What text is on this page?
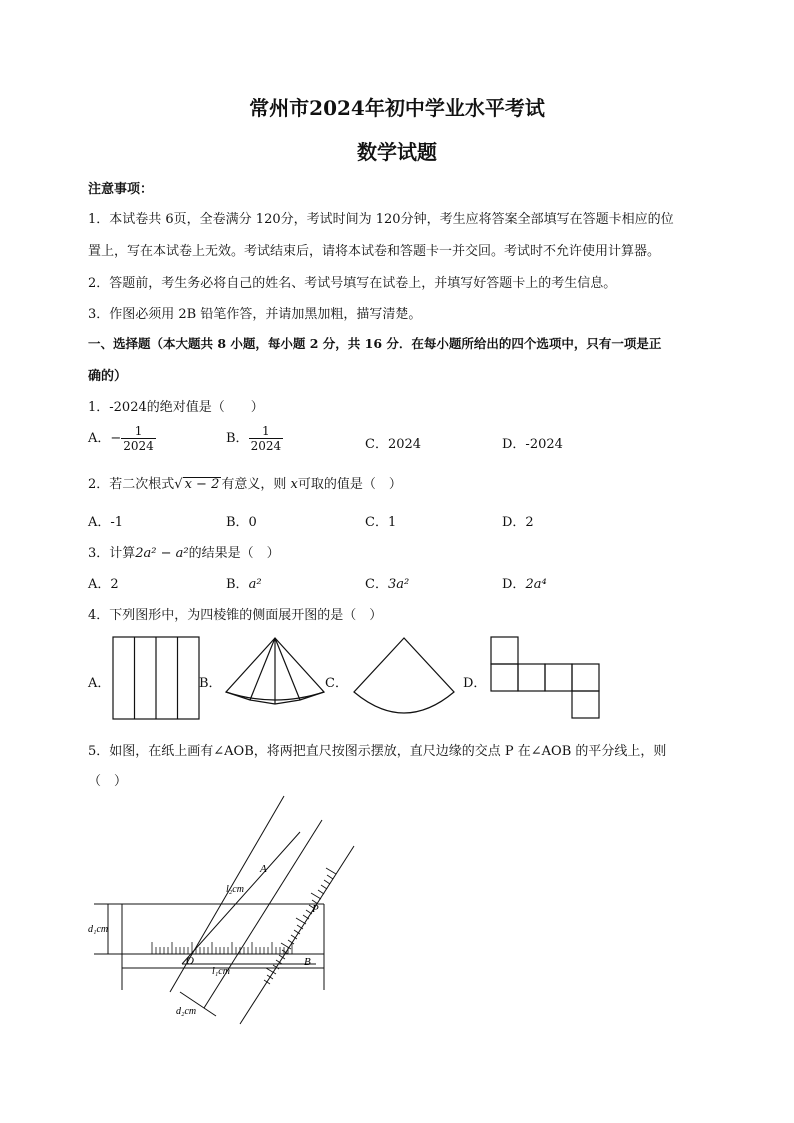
常州市2024年初中学业水平考试
数学试题
注意事项：
1．本试卷共 6页，全卷满分 120分，考试时间为 120分钟，考生应将答案全部填写在答题卡相应的位
置上，写在本试卷上无效。考试结束后，请将本试卷和答题卡一并交回。考试时不允许使用计算器。
2．答题前，考生务必将自己的姓名、考试号填写在试卷上，并填写好答题卡上的考生信息。
3．作图必须用 2B 铅笔作答，并请加黑加粗，描写清楚。
一、选择题（本大题共 8 小题，每小题 2 分，共 16 分．在每小题所给出的四个选项中，只有一项是正
确的）
1．-2024的绝对值是（　　）
A．− $\frac{1}{2024}$	B． $\frac{1}{2024}$	C．2024	D．-2024
2．若二次根式√ x − 2 有意义，则 x可取的值是（　）
A．-1	B．0	C．1	D．2
3．计算2a² − a²的结果是（　）
A．2	B．a²	C．3a²	D．2a⁴
4．下列图形中，为四棱锥的侧面展开图的是（　）
A．	B．	C．	D．
5．如图，在纸上画有∠AOB，将两把直尺按图示摆放，直尺边缘的交点 P 在∠AOB 的平分线上，则
（　）
A
P
O	B
l₂cm
l₁cm
d₁cm
d₂cm
